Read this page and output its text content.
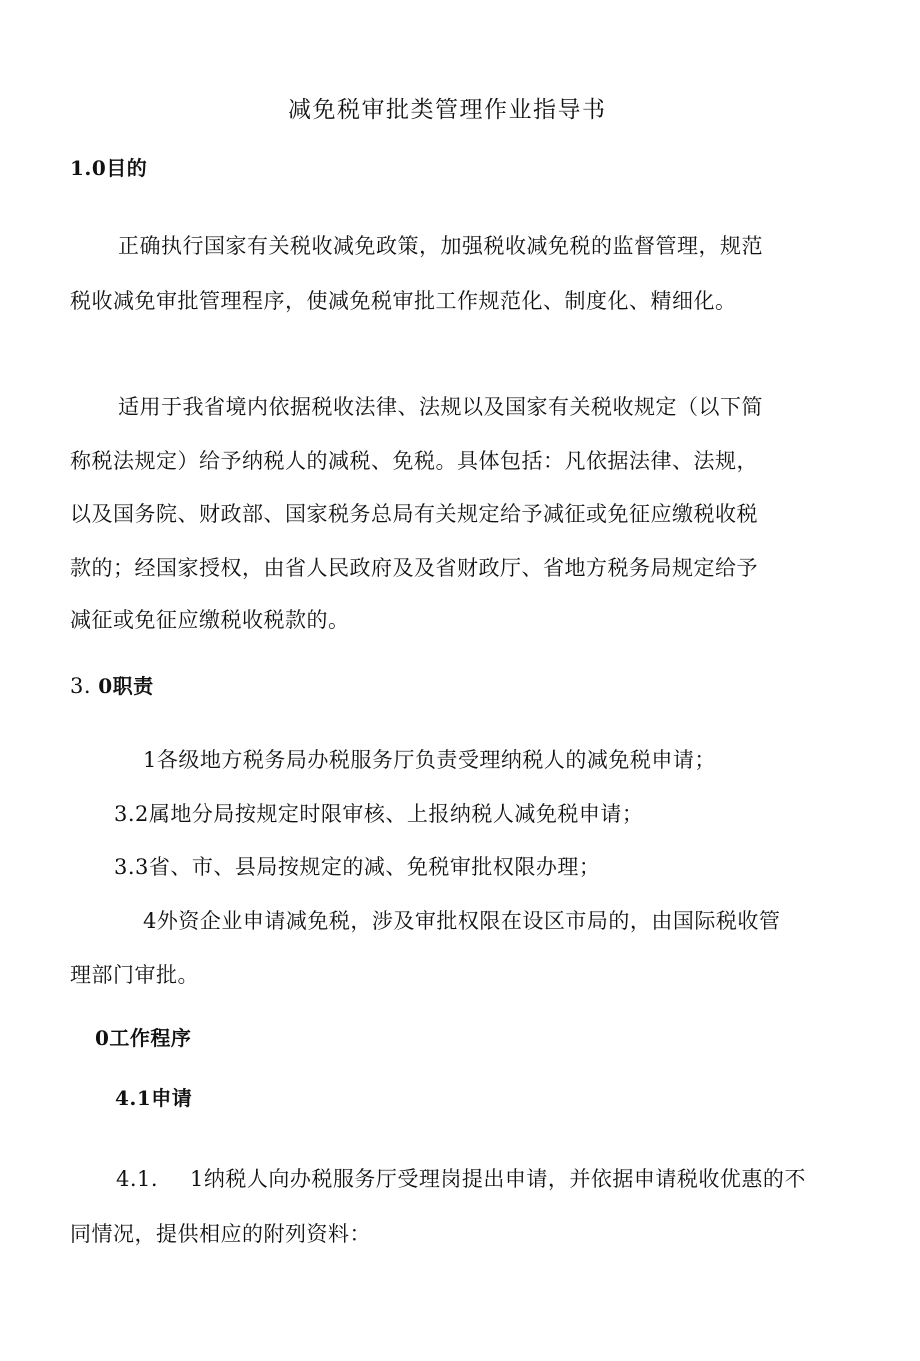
减免税审批类管理作业指导书
1.0目的
正确执行国家有关税收减免政策，加强税收减免税的监督管理，规范
税收减免审批管理程序，使减免税审批工作规范化、制度化、精细化。
适用于我省境内依据税收法律、法规以及国家有关税收规定（以下简
称税法规定）给予纳税人的减税、免税。具体包括：凡依据法律、法规，
以及国务院、财政部、国家税务总局有关规定给予减征或免征应缴税收税
款的；经国家授权，由省人民政府及及省财政厅、省地方税务局规定给予
减征或免征应缴税收税款的。
3. 0职责
1各级地方税务局办税服务厅负责受理纳税人的减免税申请；
3.2属地分局按规定时限审核、上报纳税人减免税申请；
3.3省、市、县局按规定的减、免税审批权限办理；
4外资企业申请减免税，涉及审批权限在设区市局的，由国际税收管
理部门审批。
0工作程序
4.1申请
4.1. 1纳税人向办税服务厅受理岗提出申请，并依据申请税收优惠的不
同情况，提供相应的附列资料：
